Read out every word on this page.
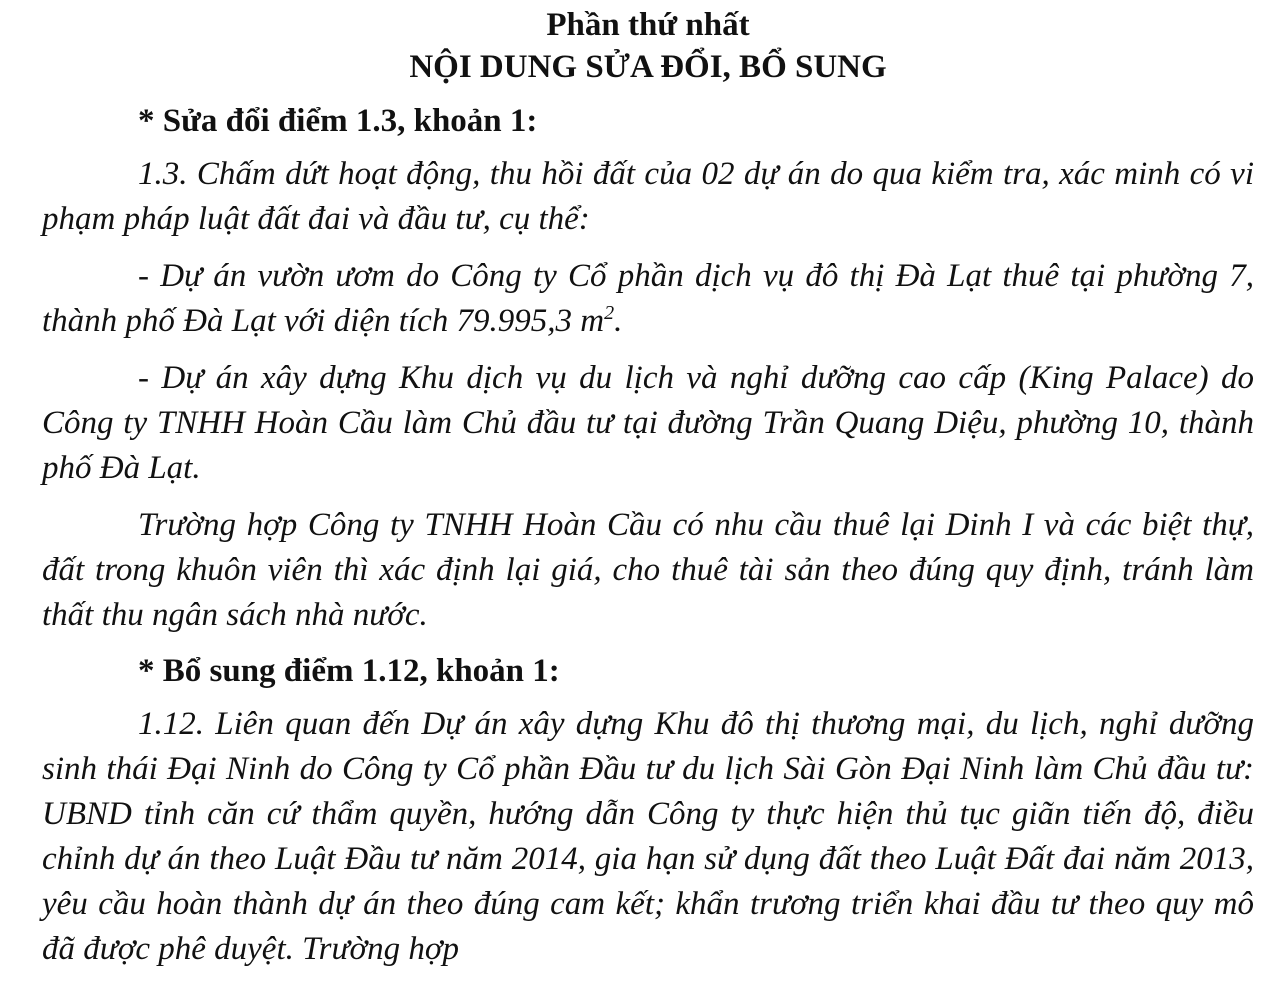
Phần thứ nhất

NỘI DUNG SỬA ĐỔI, BỔ SUNG

* Sửa đổi điểm 1.3, khoản 1:

1.3. Chấm dứt hoạt động, thu hồi đất của 02 dự án do qua kiểm tra, xác minh có vi phạm pháp luật đất đai và đầu tư, cụ thể:

- Dự án vườn ươm do Công ty Cổ phần dịch vụ đô thị Đà Lạt thuê tại phường 7, thành phố Đà Lạt với diện tích 79.995,3 $m^2$.

- Dự án xây dựng Khu dịch vụ du lịch và nghỉ dưỡng cao cấp (King Palace) do Công ty TNHH Hoàn Cầu làm Chủ đầu tư tại đường Trần Quang Diệu, phường 10, thành phố Đà Lạt.

Trường hợp Công ty TNHH Hoàn Cầu có nhu cầu thuê lại Dinh I và các biệt thự, đất trong khuôn viên thì xác định lại giá, cho thuê tài sản theo đúng quy định, tránh làm thất thu ngân sách nhà nước.

* Bổ sung điểm 1.12, khoản 1:

1.12. Liên quan đến Dự án xây dựng Khu đô thị thương mại, du lịch, nghỉ dưỡng sinh thái Đại Ninh do Công ty Cổ phần Đầu tư du lịch Sài Gòn Đại Ninh làm Chủ đầu tư: UBND tỉnh căn cứ thẩm quyền, hướng dẫn Công ty thực hiện thủ tục giãn tiến độ, điều chỉnh dự án theo Luật Đầu tư năm 2014, gia hạn sử dụng đất theo Luật Đất đai năm 2013, yêu cầu hoàn thành dự án theo đúng cam kết; khẩn trương triển khai đầu tư theo quy mô đã được phê duyệt. Trường hợp
